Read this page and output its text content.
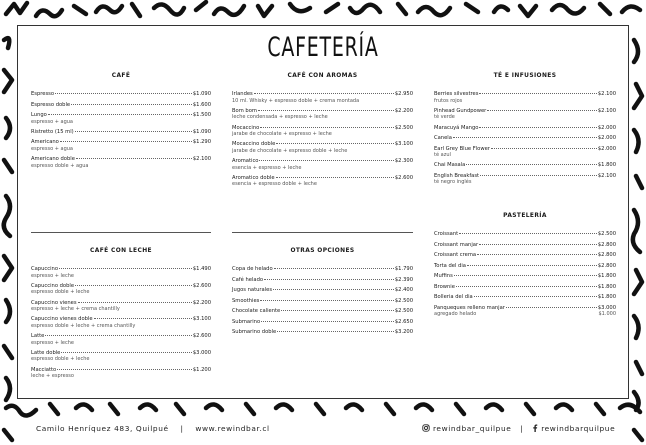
CAFETERÍA
CAFÉ
Espresso	$1.090
Espresso doble	$1.600
Lungo	$1.500
espresso + agua
Ristretto (15 ml)	$1.090
Americano	$1.290
espresso + agua
Americano doble	$2.100
espresso doble + agua
CAFÉ CON LECHE
Capuccino	$1.490
espresso + leche
Capuccino doble	$2.600
espresso doble + leche
Capuccino vienes	$2.200
espresso + leche + crema chantilly
Capuccino vienes doble	$3.100
espresso doble + leche + crema chantilly
Latte	$2.600
espresso + leche
Latte doble	$3.000
espresso doble + leche
Macciatto	$1.200
leche + espresso
CAFÉ CON AROMAS
Irlandes	$2.950
10 ml. Whisky + espresso doble + crema montada
Bom bom	$2.200
leche condensada + espresso + leche
Mocaccino	$2.500
jarabe de chocolate + espresso + leche
Mocaccino doble	$3.100
jarabe de chocolate + espresso doble + leche
Aromatico	$2.300
esencia + espresso + leche
Aromatico doble	$2.600
esencia + espresso doble + leche
OTRAS OPCIONES
Copa de helado	$1.790
Café helado	$2.390
Jugos naturales	$2.400
Smoothies	$2.500
Chocolate caliente	$2.500
Submarino	$2.650
Submarino doble	$3.200
TÉ E INFUSIONES
Berries silvestres	$2.100
frutos rojos
Pinhead Gundpower	$2.100
té verde
Maracuyá Mango	$2.000
Canela	$2.000
Earl Grey Blue Flower	$2.000
té azul
Chai Masala	$1.800
English Breakfast	$2.100
té negro inglés
PASTELERÍA
Croissant	$2.500
Croissant manjar	$2.800
Croissant crema	$2.800
Torta del dia	$2.800
Muffins	$1.800
Brownie	$1.800
Bolleria del dia	$1.800
Panqueques relleno manjar	$3.000
agregado helado	$1.000
Camilo Henríquez 483, Quilpué | www.rewindbar.cl	rewindbar_quilpue | rewindbarquilpue
